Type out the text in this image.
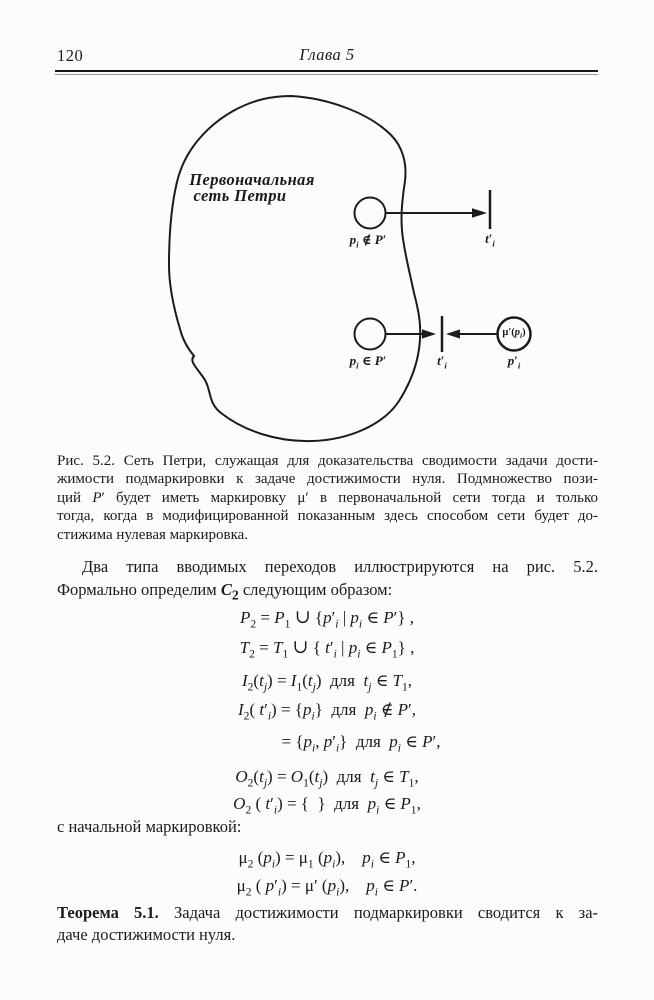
120	Глава 5
Первоначальная
сеть Петри
$p_i$ ∉ P′	$t'_i$
$p_i$ ∈ P′	$t'_i$
$\mu'(p_i)$
$p'_i$
Рис. 5.2. Сеть Петри, служащая для доказательства сводимости задачи дости-
жимости подмаркировки к задаче достижимости нуля. Подмножество пози-
ций P′ будет иметь маркировку μ′ в первоначальной сети тогда и только
тогда, когда в модифицированной показанным здесь способом сети будет до-
стижима нулевая маркировка.
Два типа вводимых переходов иллюстрируются на рис. 5.2.
Формально определим $C_2$ следующим образом:
$P_2 = P_1$ ∪ {$p'_i$ | $p_i$ ∈ P′} ,
$T_2 = T_1$ ∪ { $t'_i$ | $p_i$ ∈ $P_1$} ,
$I_2(t_j) = I_1(t_j)$  для  $t_j$ ∈ $T_1$,
$I_2$( $t'_i) = \{p_i\}$  для  $p_i$ ∉ P′,
= {$p_i$, $p'_i$}  для  $p_i$ ∈ P′,
$O_2(t_j) = O_1(t_j)$  для  $t_j$ ∈ $T_1$,
$O_2$ ( $t'_i$) = {  }  для  $p_i$ ∈ $P_1$,
с начальной маркировкой:
$\mu_2$ $(p_i) = \mu_1$ $(p_i)$, $p_i$ ∈ $P_1$,
$\mu_2$ ( $p'_i) = \mu'$ $(p_i)$, $p_i$ ∈ P′.
Теорема 5.1. Задача достижимости подмаркировки сводится к за-
даче достижимости нуля.
